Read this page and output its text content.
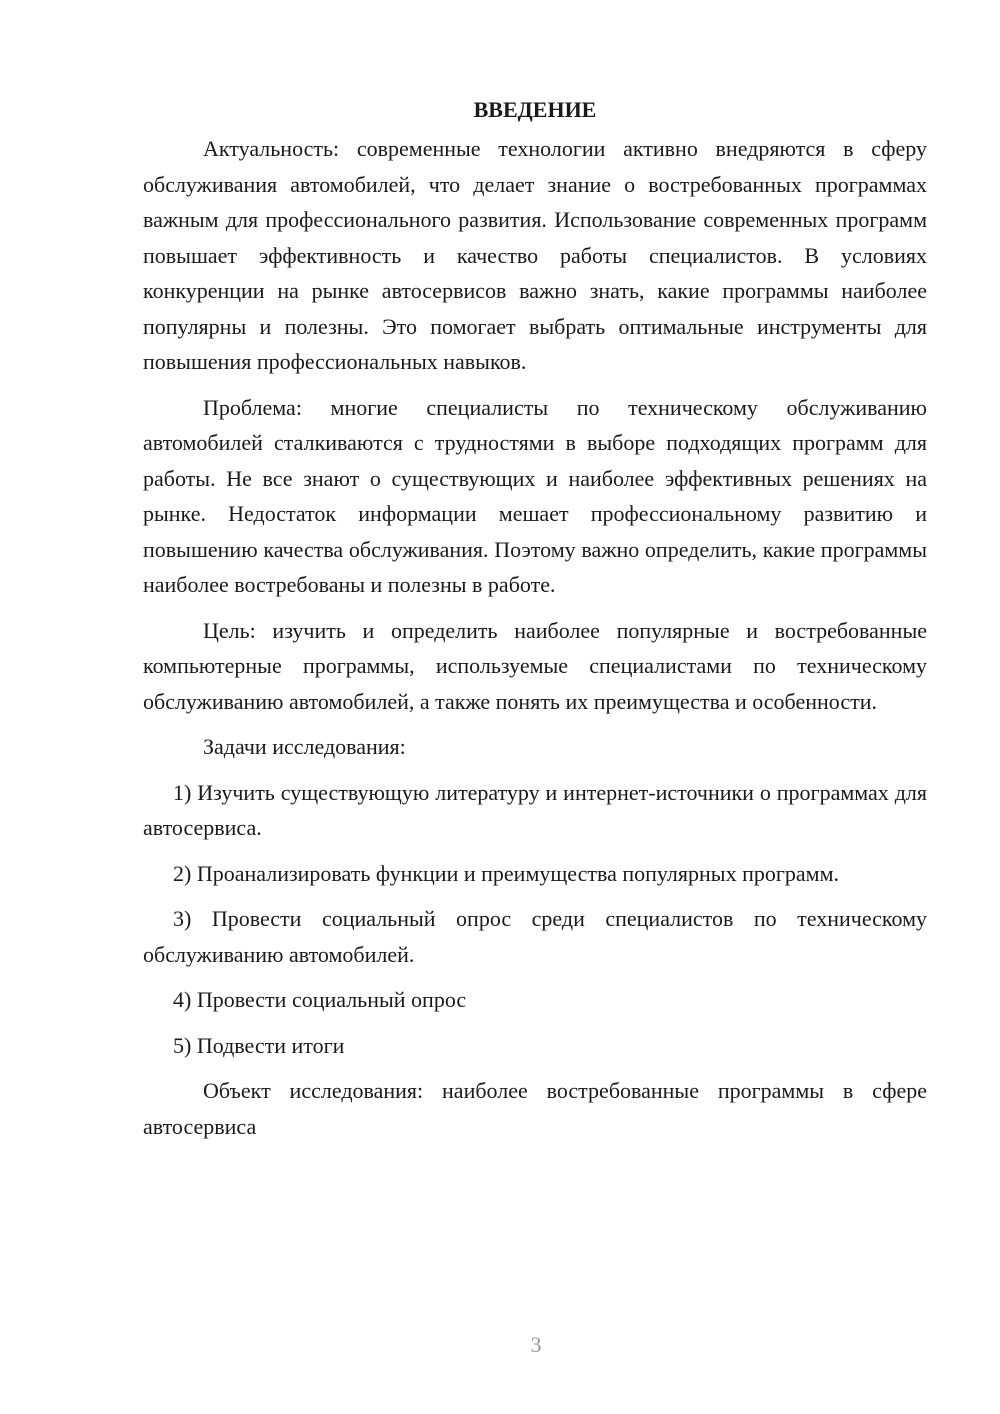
ВВЕДЕНИЕ

Актуальность: современные технологии активно внедряются в сферу обслуживания автомобилей, что делает знание о востребованных программах важным для профессионального развития. Использование современных программ повышает эффективность и качество работы специалистов. В условиях конкуренции на рынке автосервисов важно знать, какие программы наиболее популярны и полезны. Это помогает выбрать оптимальные инструменты для повышения профессиональных навыков.

Проблема: многие специалисты по техническому обслуживанию автомобилей сталкиваются с трудностями в выборе подходящих программ для работы. Не все знают о существующих и наиболее эффективных решениях на рынке. Недостаток информации мешает профессиональному развитию и повышению качества обслуживания. Поэтому важно определить, какие программы наиболее востребованы и полезны в работе.

Цель: изучить и определить наиболее популярные и востребованные компьютерные программы, используемые специалистами по техническому обслуживанию автомобилей, а также понять их преимущества и особенности.

Задачи исследования:

1) Изучить существующую литературу и интернет-источники о программах для автосервиса.

2) Проанализировать функции и преимущества популярных программ.

3) Провести социальный опрос среди специалистов по техническому обслуживанию автомобилей.

4) Провести социальный опрос

5) Подвести итоги

Объект исследования: наиболее востребованные программы в сфере автосервиса

3
